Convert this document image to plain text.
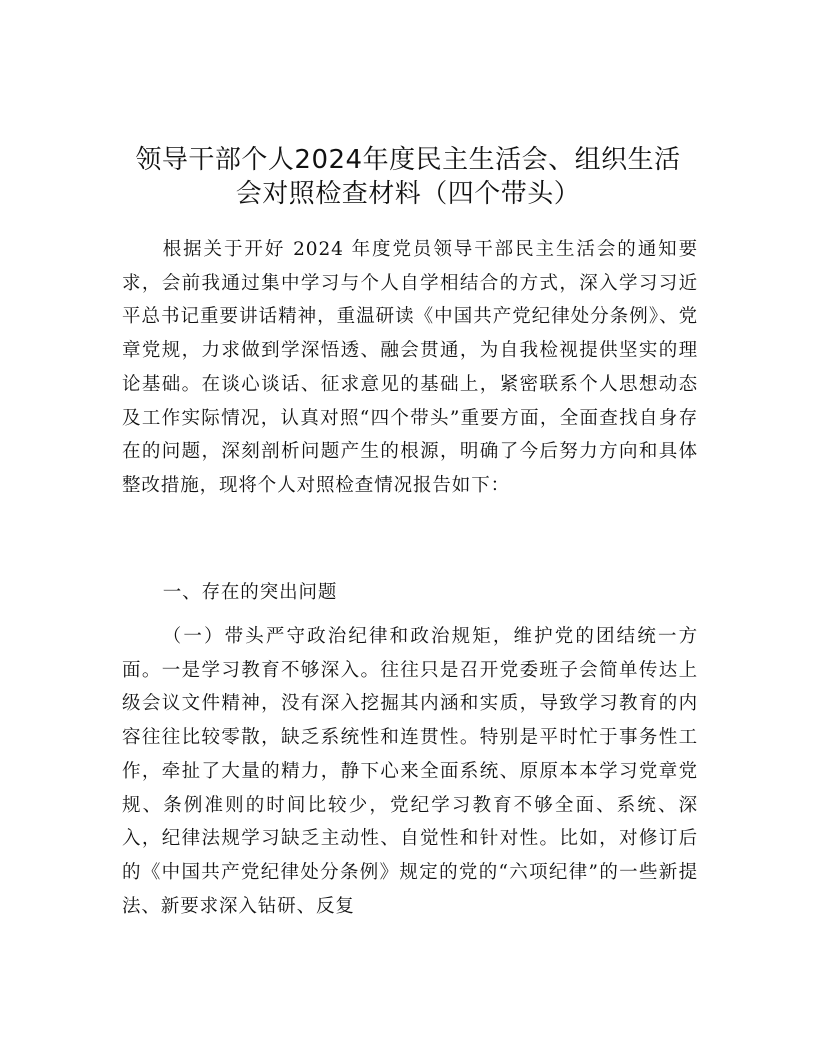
领导干部个人2024年度民主生活会、组织生活
会对照检查材料（四个带头）

根据关于开好 2024 年度党员领导干部民主生活会的通知要求，会前我通过集中学习与个人自学相结合的方式，深入学习习近平总书记重要讲话精神，重温研读《中国共产党纪律处分条例》、党章党规，力求做到学深悟透、融会贯通，为自我检视提供坚实的理论基础。在谈心谈话、征求意见的基础上，紧密联系个人思想动态及工作实际情况，认真对照“四个带头”重要方面，全面查找自身存在的问题，深刻剖析问题产生的根源，明确了今后努力方向和具体整改措施，现将个人对照检查情况报告如下：

一、存在的突出问题

（一）带头严守政治纪律和政治规矩，维护党的团结统一方面。一是学习教育不够深入。往往只是召开党委班子会简单传达上级会议文件精神，没有深入挖掘其内涵和实质，导致学习教育的内容往往比较零散，缺乏系统性和连贯性。特别是平时忙于事务性工作，牵扯了大量的精力，静下心来全面系统、原原本本学习党章党规、条例准则的时间比较少，党纪学习教育不够全面、系统、深入，纪律法规学习缺乏主动性、自觉性和针对性。比如，对修订后的《中国共产党纪律处分条例》规定的党的“六项纪律”的一些新提法、新要求深入钻研、反复
